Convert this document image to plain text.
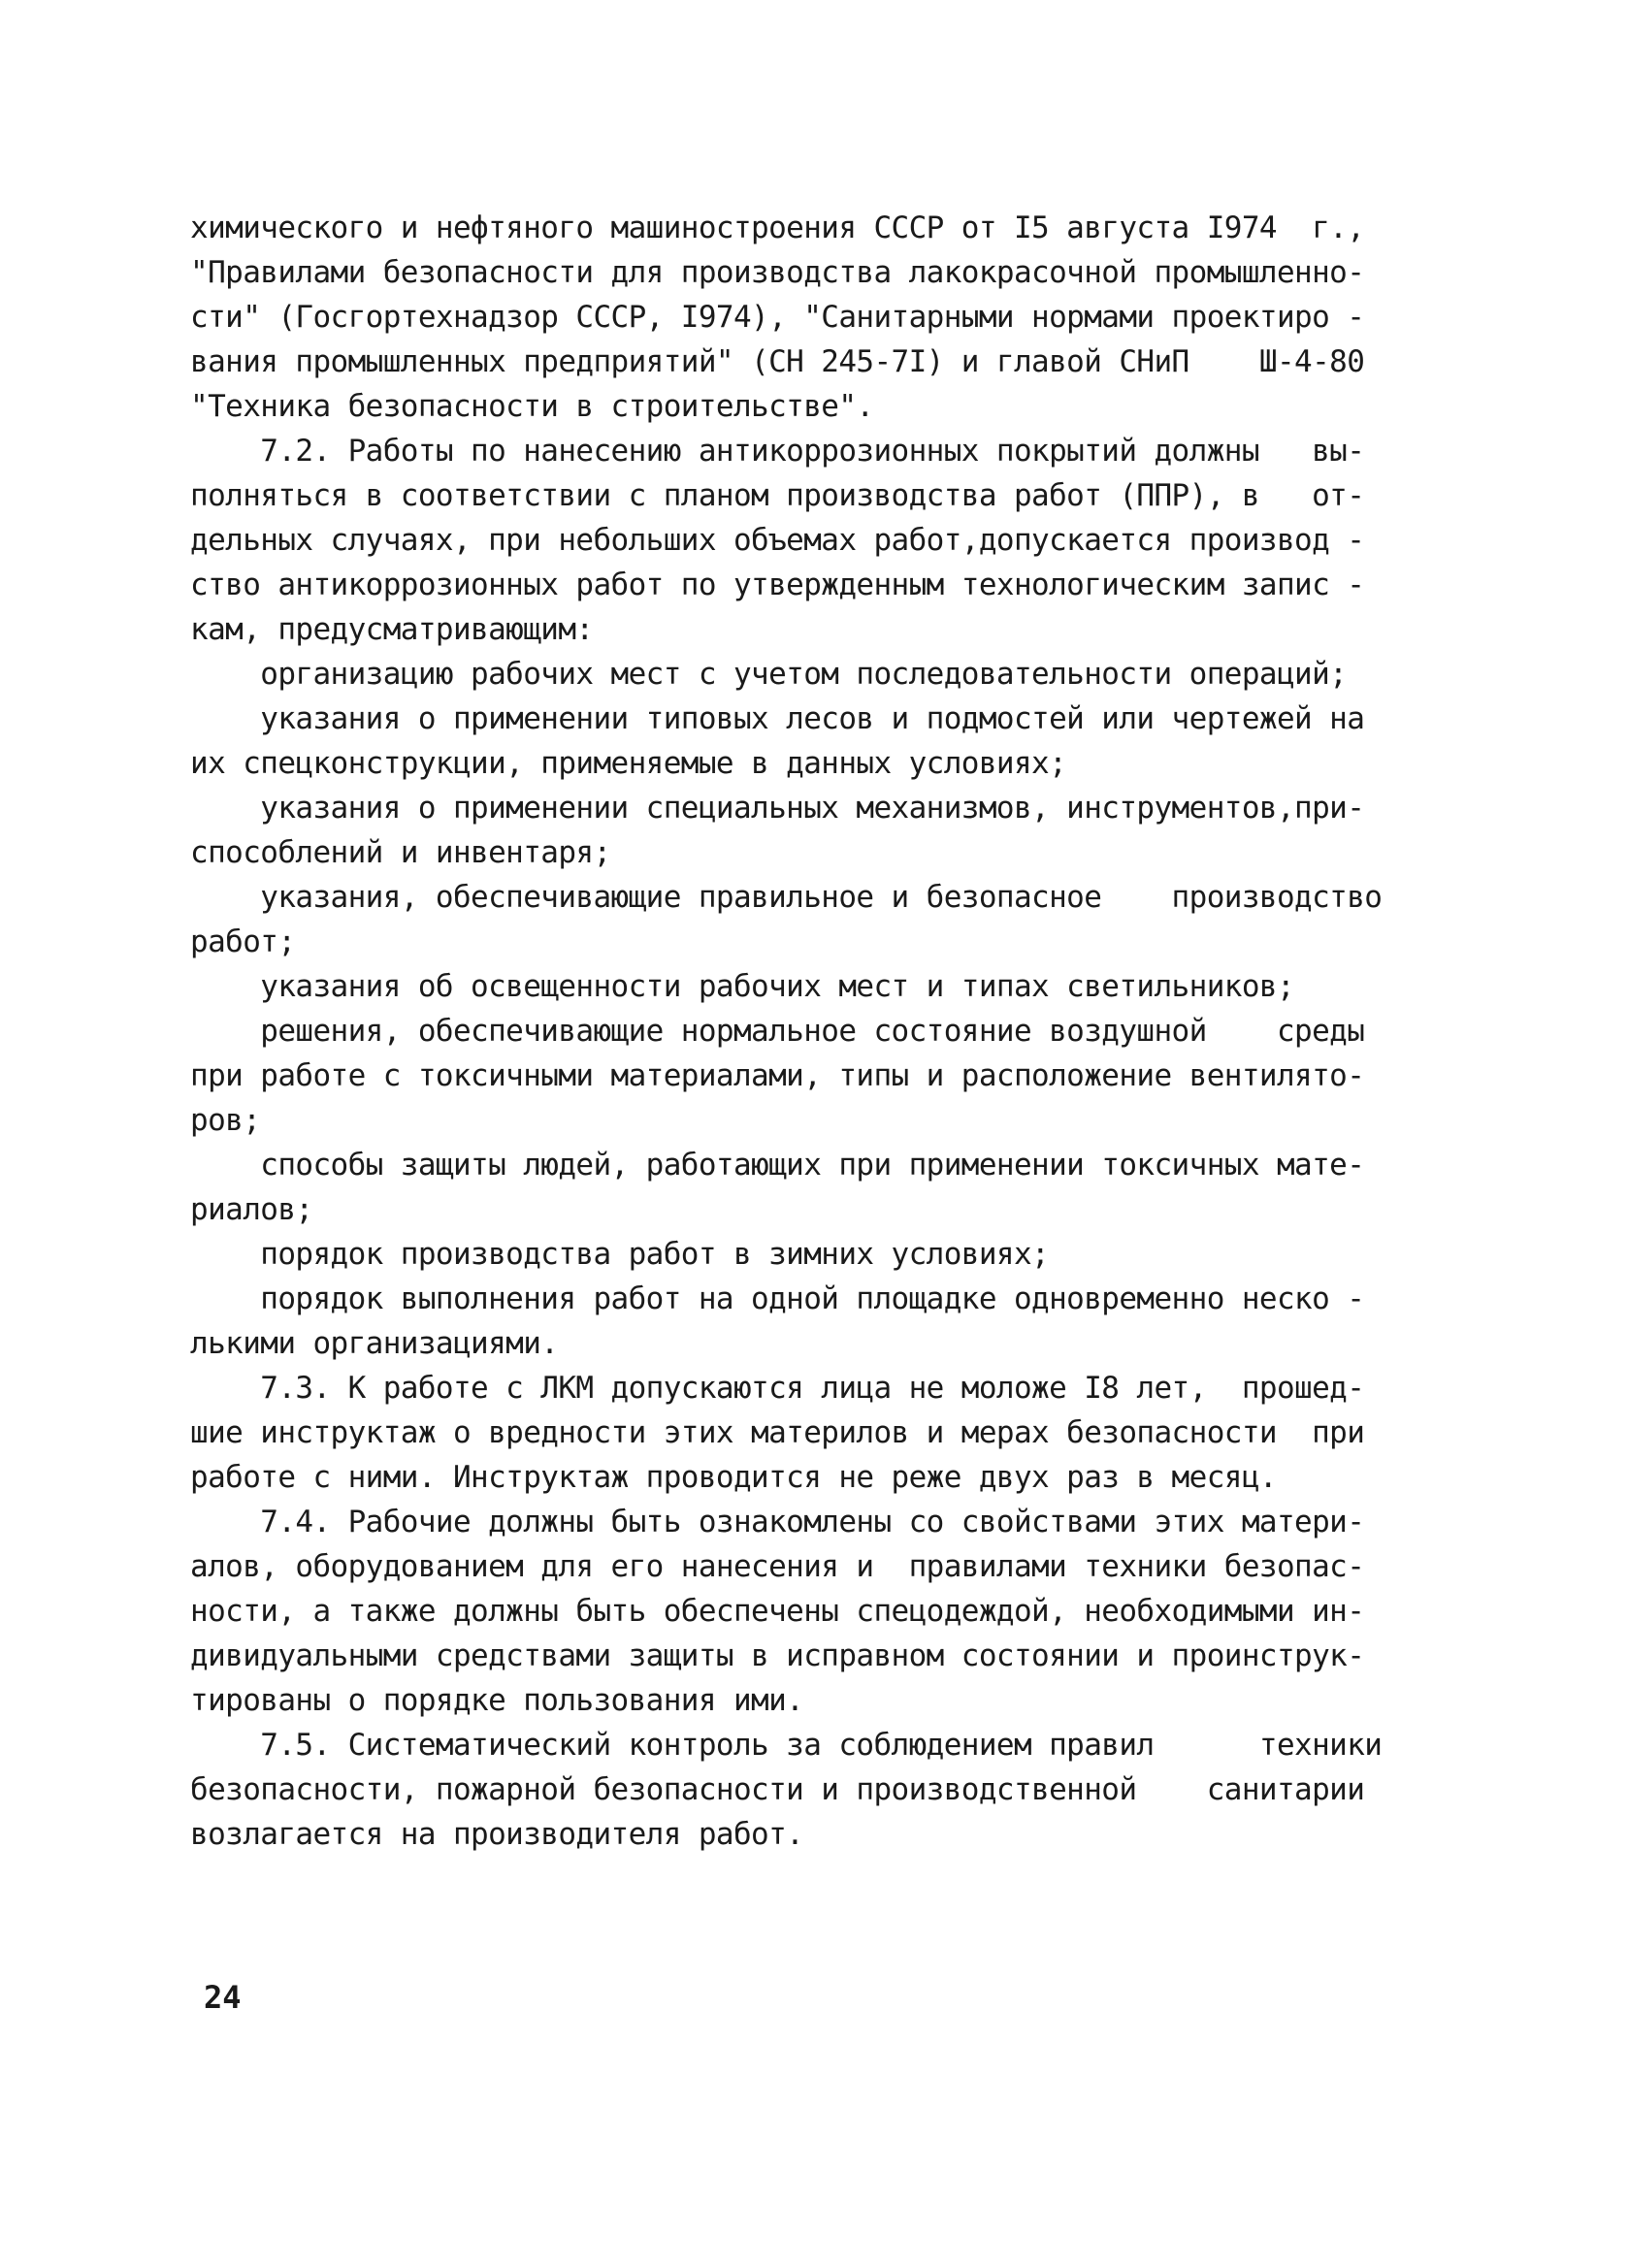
химического и нефтяного машиностроения СССР от I5 августа I974  г.,
"Правилами безопасности для производства лакокрасочной промышленно-
сти" (Госгортехнадзор СССР, I974), "Санитарными нормами проектиро -
вания промышленных предприятий" (СН 245-7I) и главой СНиП    Ш-4-80
"Техника безопасности в строительстве".
7.2. Работы по нанесению антикоррозионных покрытий должны   вы-
полняться в соответствии с планом производства работ (ППР), в   от-
дельных случаях, при небольших объемах работ,допускается производ -
ство антикоррозионных работ по утвержденным технологическим запис -
кам, предусматривающим:
организацию рабочих мест с учетом последовательности операций;
указания о применении типовых лесов и подмостей или чертежей на
их спецконструкции, применяемые в данных условиях;
указания о применении специальных механизмов, инструментов,при-
способлений и инвентаря;
указания, обеспечивающие правильное и безопасное    производство
работ;
указания об освещенности рабочих мест и типах светильников;
решения, обеспечивающие нормальное состояние воздушной    среды
при работе с токсичными материалами, типы и расположение вентилято-
ров;
способы защиты людей, работающих при применении токсичных мате-
риалов;
порядок производства работ в зимних условиях;
порядок выполнения работ на одной площадке одновременно неско -
лькими организациями.
7.3. К работе с ЛКМ допускаются лица не моложе I8 лет,  прошед-
шие инструктаж о вредности этих материлов и мерах безопасности  при
работе с ними. Инструктаж проводится не реже двух раз в месяц.
7.4. Рабочие должны быть ознакомлены со свойствами этих матери-
алов, оборудованием для его нанесения и  правилами техники безопас-
ности, а также должны быть обеспечены спецодеждой, необходимыми ин-
дивидуальными средствами защиты в исправном состоянии и проинструк-
тированы о порядке пользования ими.
7.5. Систематический контроль за соблюдением правил      техники
безопасности, пожарной безопасности и производственной    санитарии
возлагается на производителя работ.
24
